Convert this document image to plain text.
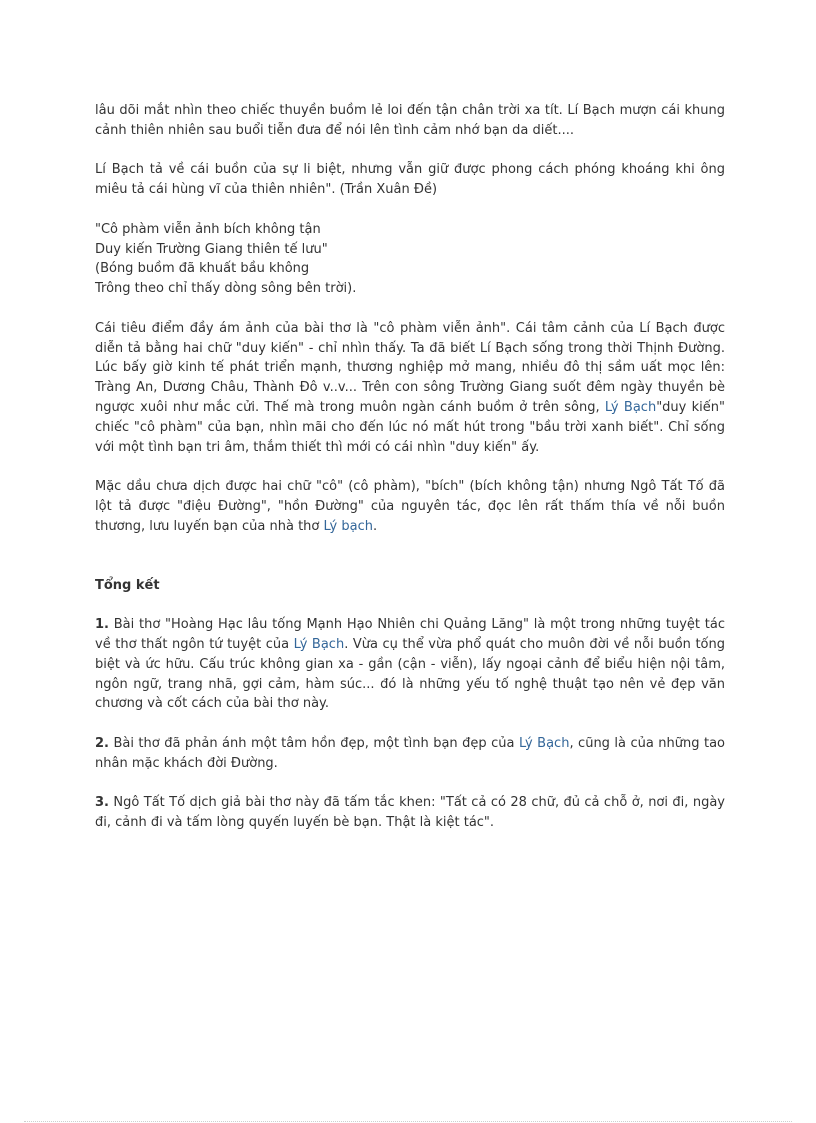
lâu dõi mắt nhìn theo chiếc thuyền buồm lẻ loi đến tận chân trời xa tít. Lí Bạch mượn cái khung cảnh thiên nhiên sau buổi tiễn đưa để nói lên tình cảm nhớ bạn da diết....

Lí Bạch tả về cái buồn của sự li biệt, nhưng vẫn giữ được phong cách phóng khoáng khi ông miêu tả cái hùng vĩ của thiên nhiên". (Trần Xuân Đề)

"Cô phàm viễn ảnh bích không tận
Duy kiến Trường Giang thiên tế lưu"
(Bóng buồm đã khuất bầu không
Trông theo chỉ thấy dòng sông bên trời).

Cái tiêu điểm đầy ám ảnh của bài thơ là "cô phàm viễn ảnh". Cái tâm cảnh của Lí Bạch được diễn tả bằng hai chữ "duy kiến" - chỉ nhìn thấy. Ta đã biết Lí Bạch sống trong thời Thịnh Đường. Lúc bấy giờ kinh tế phát triển mạnh, thương nghiệp mở mang, nhiều đô thị sầm uất mọc lên: Tràng An, Dương Châu, Thành Đô v..v... Trên con sông Trường Giang suốt đêm ngày thuyền bè ngược xuôi như mắc cửi. Thế mà trong muôn ngàn cánh buồm ở trên sông, Lý Bạch"duy kiến" chiếc "cô phàm" của bạn, nhìn mãi cho đến lúc nó mất hút trong "bầu trời xanh biết". Chỉ sống với một tình bạn tri âm, thắm thiết thì mới có cái nhìn "duy kiến" ấy.

Mặc dầu chưa dịch được hai chữ "cô" (cô phàm), "bích" (bích không tận) nhưng Ngô Tất Tố đã lột tả được "điệu Đường", "hồn Đường" của nguyên tác, đọc lên rất thấm thía về nỗi buồn thương, lưu luyến bạn của nhà thơ Lý bạch.

Tổng kết

1. Bài thơ "Hoàng Hạc lâu tống Mạnh Hạo Nhiên chi Quảng Lăng" là một trong những tuyệt tác về thơ thất ngôn tứ tuyệt của Lý Bạch. Vừa cụ thể vừa phổ quát cho muôn đời về nỗi buồn tống biệt và ức hữu. Cấu trúc không gian xa - gần (cận - viễn), lấy ngoại cảnh để biểu hiện nội tâm, ngôn ngữ, trang nhã, gợi cảm, hàm súc... đó là những yếu tố nghệ thuật tạo nên vẻ đẹp văn chương và cốt cách của bài thơ này.

2. Bài thơ đã phản ánh một tâm hồn đẹp, một tình bạn đẹp của Lý Bạch, cũng là của những tao nhân mặc khách đời Đường.

3. Ngô Tất Tố dịch giả bài thơ này đã tấm tắc khen: "Tất cả có 28 chữ, đủ cả chỗ ở, nơi đi, ngày đi, cảnh đi và tấm lòng quyến luyến bè bạn. Thật là kiệt tác".
